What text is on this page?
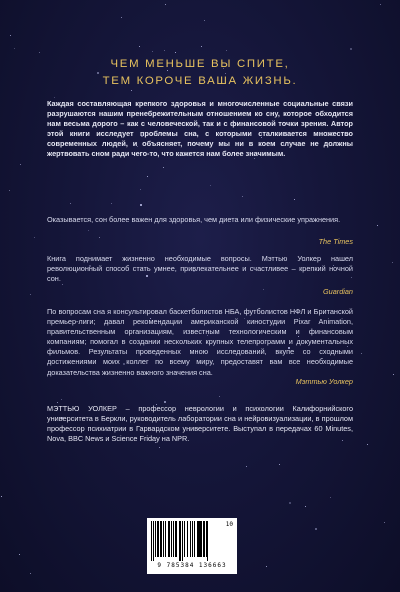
ЧЕМ МЕНЬШЕ ВЫ СПИТЕ,
ТЕМ КОРОЧЕ ВАША ЖИЗНЬ.
Каждая составляющая крепкого здоровья и многочисленные социальные связи разрушаются нашим пренебрежительным отношением ко сну, которое обходится нам весьма дорого – как с человеческой, так и с финансовой точки зрения. Автор этой книги исследует проблемы сна, с которыми сталкивается множество современных людей, и объясняет, почему мы ни в коем случае не должны жертвовать сном ради чего-то, что кажется нам более значимым.
Оказывается, сон более важен для здоровья, чем диета или физические упражнения.
The Times
Книга поднимает жизненно необходимые вопросы. Мэттью Уолкер нашел революционный способ стать умнее, привлекательнее и счастливее – крепкий ночной сон.
Guardian
По вопросам сна я консультировал баскетболистов НБА, футболистов НФЛ и Британской премьер-лиги; давал рекомендации американской киностудии Pixar Animation, правительственным организациям, известным технологическим и финансовым компаниям; помогал в создании нескольких крупных телепрограмм и документальных фильмов. Результаты проведенных мною исследований, вкупе со сходными достижениями моих коллег по всему миру, предоставят вам все необходимые доказательства жизненно важного значения сна.
Мэттью Уолкер
МЭТТЬЮ УОЛКЕР – профессор неврологии и психологии Калифорнийского университета в Беркли, руководитель лаборатории сна и нейровизуализации, в прошлом профессор психиатрии в Гарвардском университете. Выступал в передачах 60 Minutes, Nova, BBC News и Science Friday на NPR.
10
9 785384 136663
